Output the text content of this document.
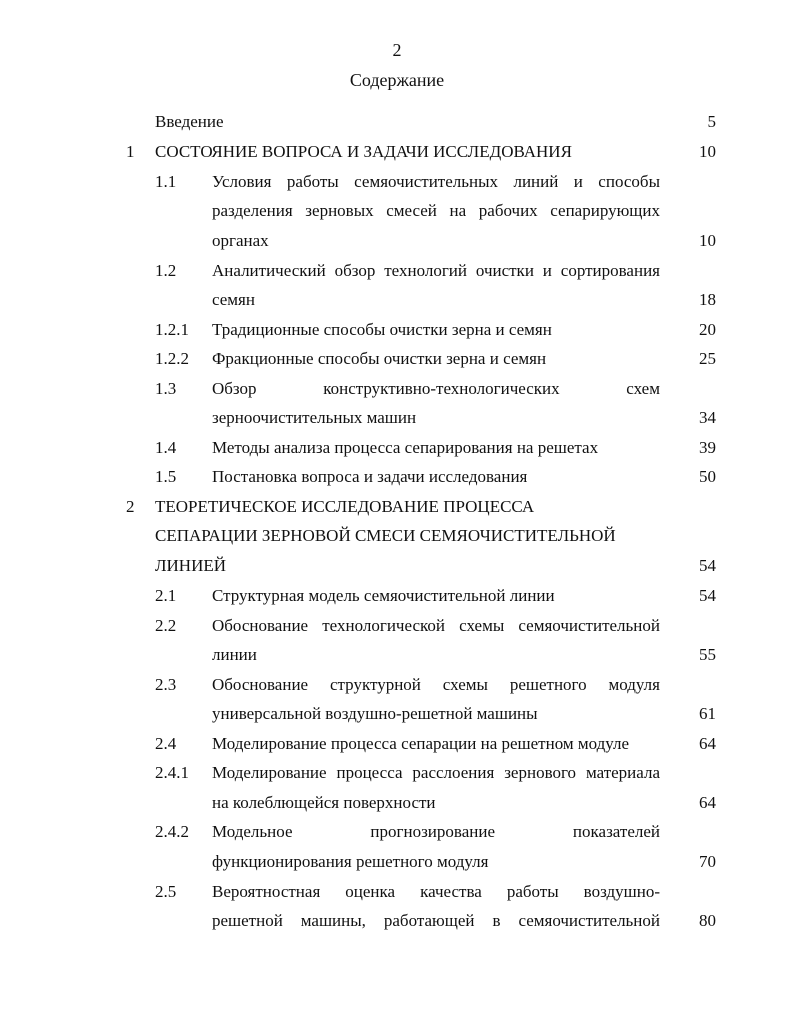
2
Содержание
Введение	5
1 СОСТОЯНИЕ ВОПРОСА И ЗАДАЧИ ИССЛЕДОВАНИЯ	10
1.1 Условия работы семяочистительных линий и способы
разделения зерновых смесей на рабочих сепарирующих
органах	10
1.2 Аналитический обзор технологий очистки и сортирования
семян	18
1.2.1 Традиционные способы очистки зерна и семян	20
1.2.2 Фракционные способы очистки зерна и семян	25
1.3 Обзор конструктивно-технологических схем
зерноочистительных машин	34
1.4 Методы анализа процесса сепарирования на решетах	39
1.5 Постановка вопроса и задачи исследования	50
2 ТЕОРЕТИЧЕСКОЕ ИССЛЕДОВАНИЕ ПРОЦЕССА
СЕПАРАЦИИ ЗЕРНОВОЙ СМЕСИ СЕМЯОЧИСТИТЕЛЬНОЙ
ЛИНИЕЙ	54
2.1 Структурная модель семяочистительной линии	54
2.2 Обоснование технологической схемы семяочистительной
линии	55
2.3 Обоснование структурной схемы решетного модуля
универсальной воздушно-решетной машины	61
2.4 Моделирование процесса сепарации на решетном модуле	64
2.4.1 Моделирование процесса расслоения зернового материала
на колеблющейся поверхности	64
2.4.2 Модельное прогнозирование показателей
функционирования решетного модуля	70
2.5 Вероятностная оценка качества работы воздушно-
решетной машины, работающей в семяочистительной 80
